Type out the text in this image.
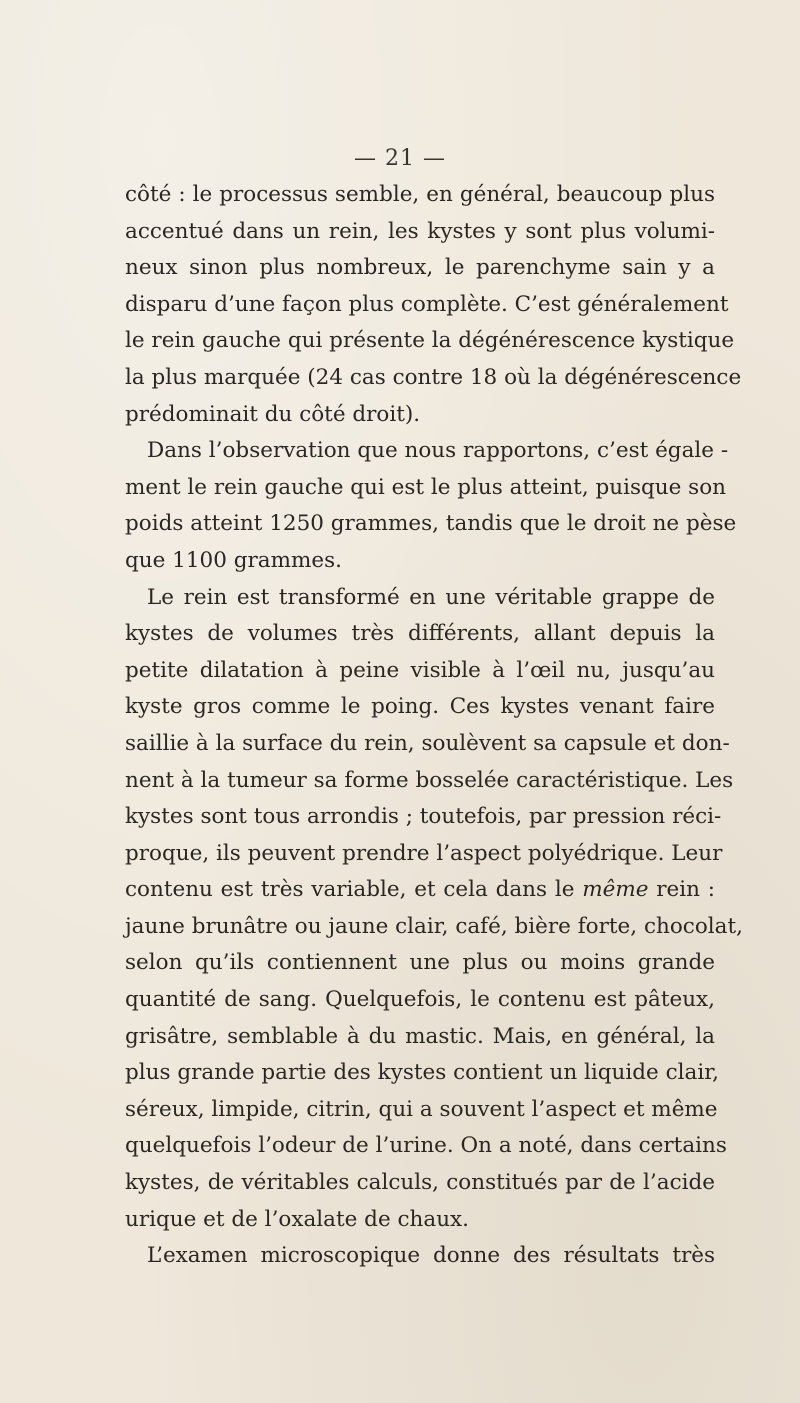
— 21 —
côté : le processus semble, en général, beaucoup plus
accentué dans un rein, les kystes y sont plus volumi-
neux sinon plus nombreux, le parenchyme sain y a
disparu d’une façon plus complète. C’est généralement
le rein gauche qui présente la dégénérescence kystique
la plus marquée (24 cas contre 18 où la dégénérescence
prédominait du côté droit).
Dans l’observation que nous rapportons, c’est égale -
ment le rein gauche qui est le plus atteint, puisque son
poids atteint 1250 grammes, tandis que le droit ne pèse
que 1100 grammes.
Le rein est transformé en une véritable grappe de
kystes de volumes très différents, allant depuis la
petite dilatation à peine visible à l’œil nu, jusqu’au
kyste gros comme le poing. Ces kystes venant faire
saillie à la surface du rein, soulèvent sa capsule et don-
nent à la tumeur sa forme bosselée caractéristique. Les
kystes sont tous arrondis ; toutefois, par pression réci-
proque, ils peuvent prendre l’aspect polyédrique. Leur
contenu est très variable, et cela dans le même rein :
jaune brunâtre ou jaune clair, café, bière forte, chocolat,
selon qu’ils contiennent une plus ou moins grande
quantité de sang. Quelquefois, le contenu est pâteux,
grisâtre, semblable à du mastic. Mais, en général, la
plus grande partie des kystes contient un liquide clair,
séreux, limpide, citrin, qui a souvent l’aspect et même
quelquefois l’odeur de l’urine. On a noté, dans certains
kystes, de véritables calculs, constitués par de l’acide
urique et de l’oxalate de chaux.
L’examen microscopique donne des résultats très
